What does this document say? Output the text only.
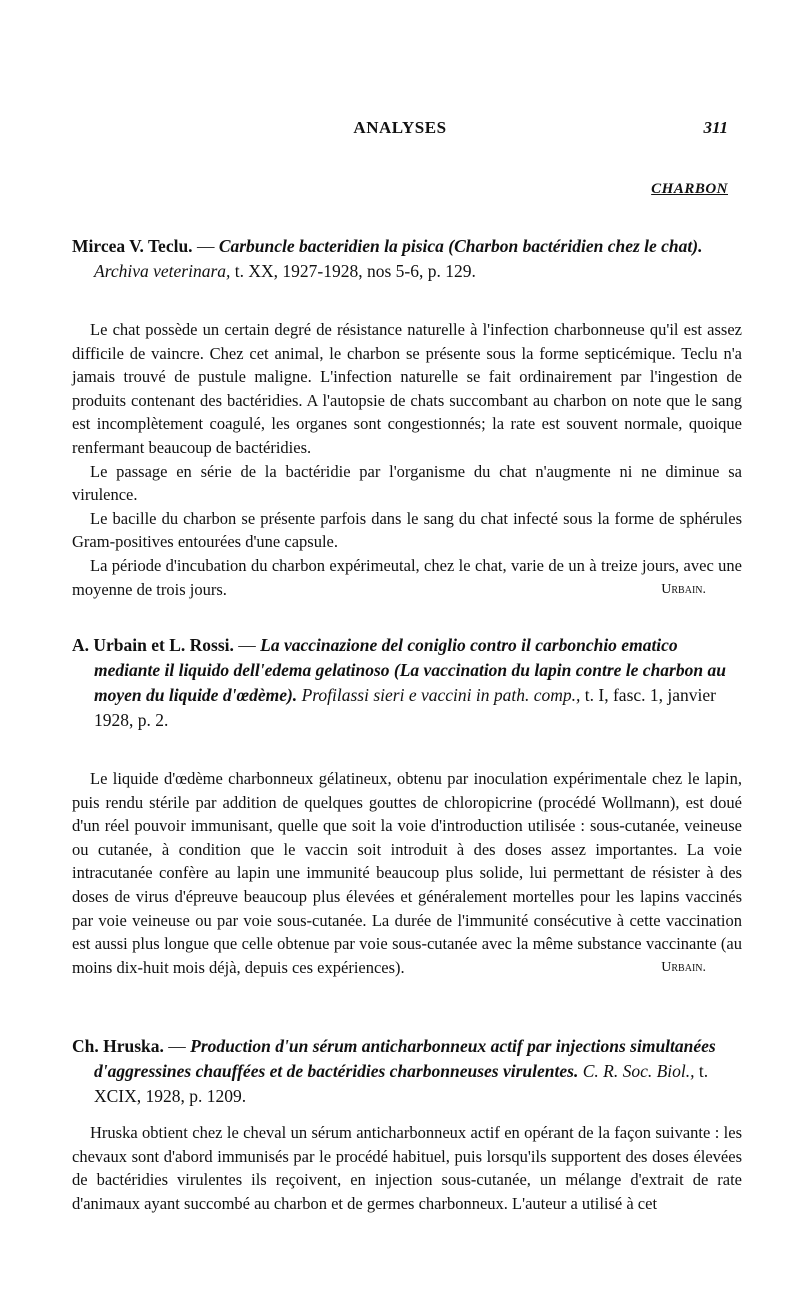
ANALYSES	311
CHARBON
Mircea V. Teclu. — Carbuncle bacteridien la pisica (Charbon bactéridien chez le chat). Archiva veterinara, t. XX, 1927-1928, nos 5-6, p. 129.

Le chat possède un certain degré de résistance naturelle à l'infection charbonneuse qu'il est assez difficile de vaincre. Chez cet animal, le charbon se présente sous la forme septicémique. Teclu n'a jamais trouvé de pustule maligne. L'infection naturelle se fait ordinairement par l'ingestion de produits contenant des bactéridies. A l'autopsie de chats succombant au charbon on note que le sang est incomplètement coagulé, les organes sont congestionnés; la rate est souvent normale, quoique renfermant beaucoup de bactéridies.

Le passage en série de la bactéridie par l'organisme du chat n'augmente ni ne diminue sa virulence.

Le bacille du charbon se présente parfois dans le sang du chat infecté sous la forme de sphérules Gram-positives entourées d'une capsule.

La période d'incubation du charbon expérimeutal, chez le chat, varie de un à treize jours, avec une moyenne de trois jours.	Urbain.

A. Urbain et L. Rossi. — La vaccinazione del coniglio contro il carbonchio ematico mediante il liquido dell'edema gelatinoso (La vaccination du lapin contre le charbon au moyen du liquide d'œdème). Profilassi sieri e vaccini in path. comp., t. I, fasc. 1, janvier 1928, p. 2.

Le liquide d'œdème charbonneux gélatineux, obtenu par inoculation expérimentale chez le lapin, puis rendu stérile par addition de quelques gouttes de chloropicrine (procédé Wollmann), est doué d'un réel pouvoir immunisant, quelle que soit la voie d'introduction utilisée : sous-cutanée, veineuse ou cutanée, à condition que le vaccin soit introduit à des doses assez importantes. La voie intracutanée confère au lapin une immunité beaucoup plus solide, lui permettant de résister à des doses de virus d'épreuve beaucoup plus élevées et généralement mortelles pour les lapins vaccinés par voie veineuse ou par voie sous-cutanée. La durée de l'immunité consécutive à cette vaccination est aussi plus longue que celle obtenue par voie sous-cutanée avec la même substance vaccinante (au moins dix-huit mois déjà, depuis ces expériences).	Urbain.

Ch. Hruska. — Production d'un sérum anticharbonneux actif par injections simultanées d'aggressines chauffées et de bactéridies charbonneuses virulentes. C. R. Soc. Biol., t. XCIX, 1928, p. 1209.

Hruska obtient chez le cheval un sérum anticharbonneux actif en opérant de la façon suivante : les chevaux sont d'abord immunisés par le procédé habituel, puis lorsqu'ils supportent des doses élevées de bactéridies virulentes ils reçoivent, en injection sous-cutanée, un mélange d'extrait de rate d'animaux ayant succombé au charbon et de germes charbonneux. L'auteur a utilisé à cet
